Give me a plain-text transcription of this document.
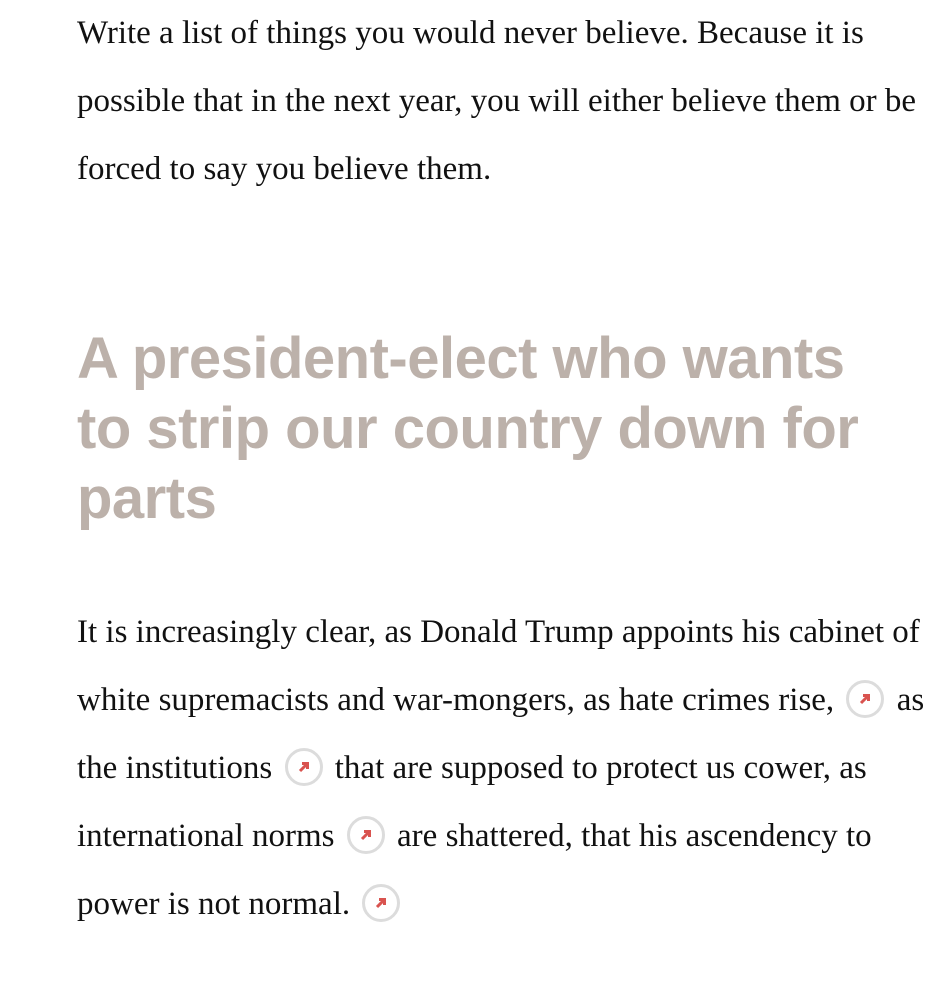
Write a list of things you would never believe. Because it is possible that in the next year, you will either believe them or be forced to say you believe them.

A president-elect who wants
to strip our country down for
parts

It is increasingly clear, as Donald Trump appoints his cabinet of white supremacists and war-mongers, as hate crimes rise, as the institutions that are supposed to protect us cower, as international norms are shattered, that his ascendency to power is not normal.
